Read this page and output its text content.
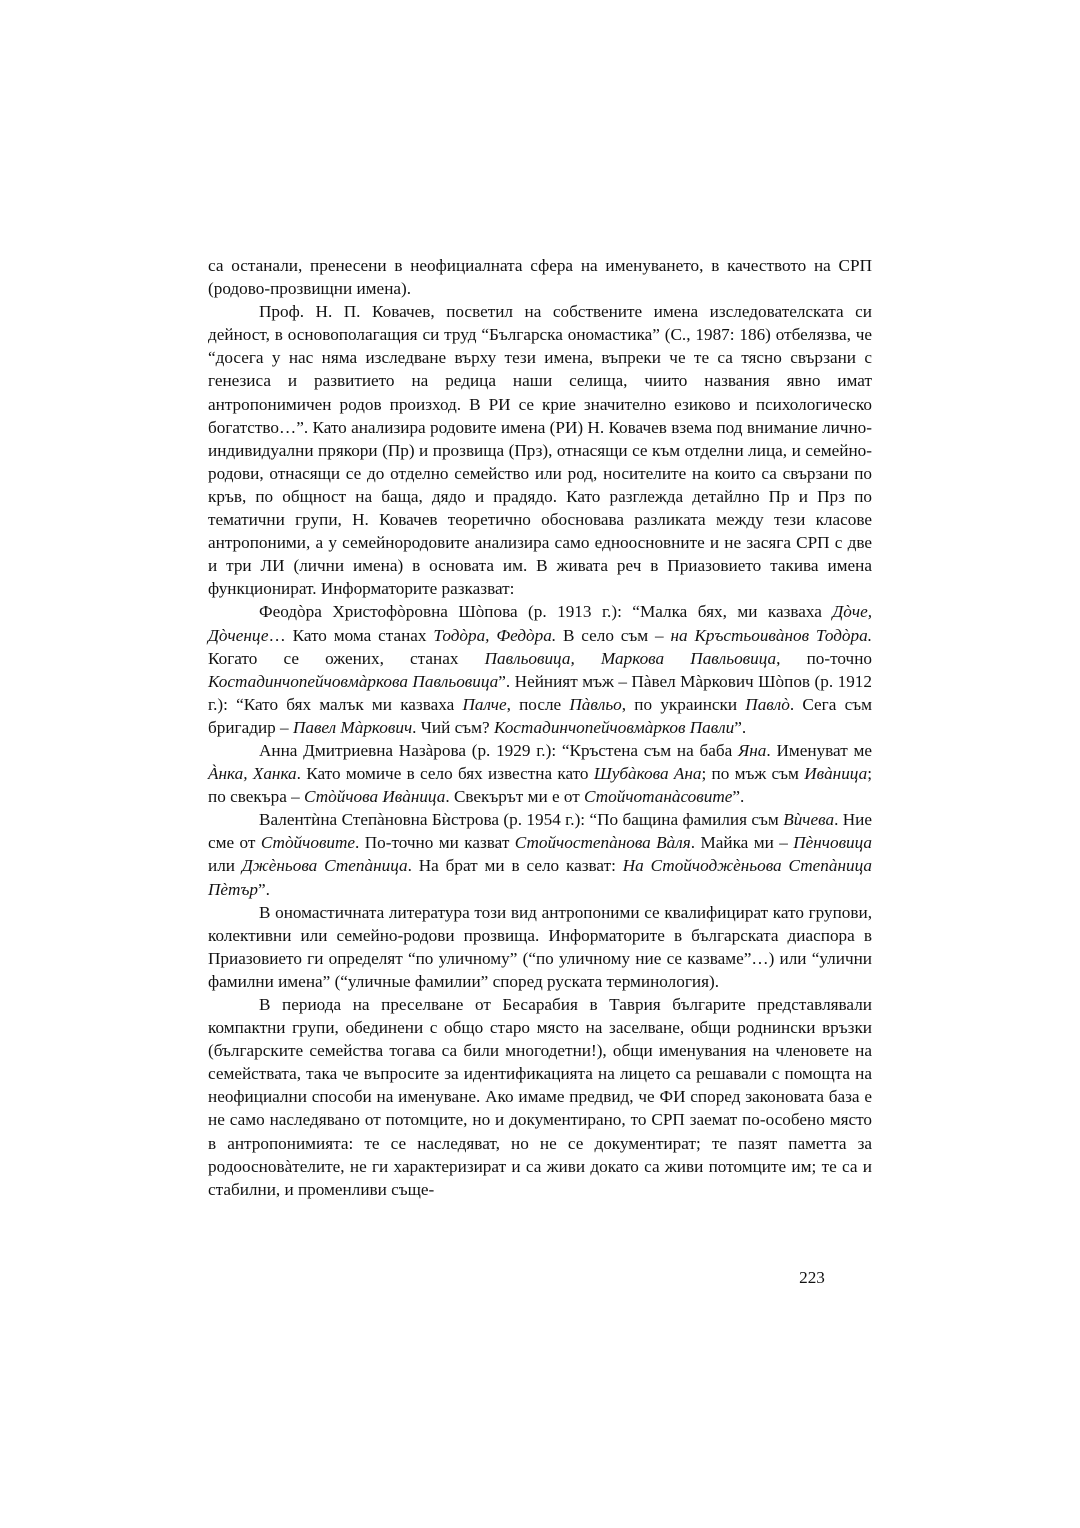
са останали, пренесени в неофициалната сфера на именуването, в качеството на СРП (родово-прозвищни имена).

Проф. Н. П. Ковачев, посветил на собствените имена изследователската си дейност, в основополагащия си труд “Българска ономастика” (С., 1987: 186) отбелязва, че “досега у нас няма изследване върху тези имена, въпреки че те са тясно свързани с генезиса и развитието на редица наши селища, чиито названия явно имат антропонимичен родов произход. В РИ се крие значително езиково и психологическо богатство…”. Като анализира родовите имена (РИ) Н. Ковачев взема под внимание лично-индивидуални прякори (Пр) и прозвища (Прз), отнасящи се към отделни лица, и семейно-родови, отнасящи се до отделно семейство или род, носителите на които са свързани по кръв, по общност на баща, дядо и прадядо. Като разглежда детайлно Пр и Прз по тематични групи, Н. Ковачев теоретично обосновава разликата между тези класове антропоними, а у семейнородовите анализира само едноосновните и не засяга СРП с две и три ЛИ (лични имена) в основата им. В живата реч в Приазовието такива имена функционират. Информаторите разказват:

Феодòра Христофòровна Шòпова (р. 1913 г.): “Малка бях, ми казваха Дòче, Дòченце… Като мома станах Тодòра, Федòра. В село съм – на Кръстьоивàнов Тодòра. Когато се ожених, станах Павльовица, Маркова Павльовица, по-точно Костадинчопейчовмàркова Павльовица”. Нейният мъж – Пàвел Мàркович Шòпов (р. 1912 г.): “Като бях малък ми казваха Палче, после Пàвльо, по украински Павлò. Сега съм бригадир – Павел Мàркович. Чий съм? Костадинчопейчовмàрков Павли”.

Анна Дмитриевна Назàрова (р. 1929 г.): “Кръстена съм на баба Яна. Именуват ме Àнка, Ханка. Като момиче в село бях известна като Шубàкова Ана; по мъж съм Ивàница; по свекъра – Стòйчова Ивàница. Свекърът ми е от Стойчотанàсовите”.

Валентѝна Степàновна Бѝстрова (р. 1954 г.): “По бащина фамилия съм Вѝчева. Ние сме от Стòйчовите. По-точно ми казват Стойчостепàнова Вàля. Майка ми – Пèнчовица или Джèньова Степàница. На брат ми в село казват: На Стойчоджèньова Степàница Пèтър”.

В ономастичната литература този вид антропоними се квалифицират като групови, колективни или семейно-родови прозвища. Информаторите в българската диаспора в Приазовието ги определят “по уличному” (“по уличному ние се казваме”…) или “улични фамилни имена” (“уличные фамилии” според руската терминология).

В периода на преселване от Бесарабия в Таврия българите представлявали компактни групи, обединени с общо старо място на заселване, общи роднински връзки (българските семейства тогава са били многодетни!), общи именувания на членовете на семействата, така че въпросите за идентификацията на лицето са решавали с помощта на неофициални способи на именуване. Ако имаме предвид, че ФИ според законовата база е не само наследявано от потомците, но и документирано, то СРП заемат по-особено място в антропонимията: те се наследяват, но не се документират; те пазят паметта за родоосновàтелите, не ги характеризират и са живи докато са живи потомците им; те са и стабилни, и променливи съще-

223
